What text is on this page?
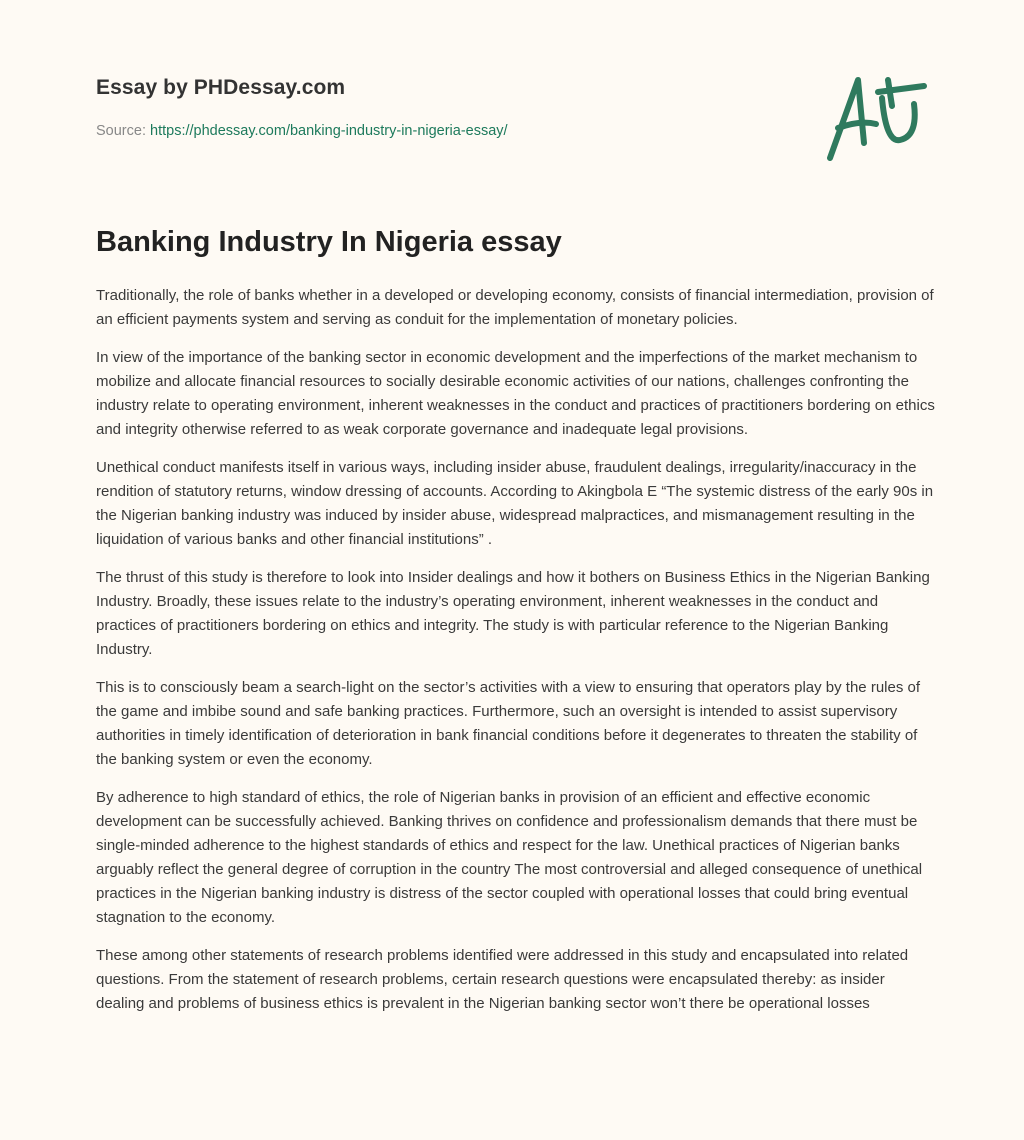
Essay by PHDessay.com

Source: https://phdessay.com/banking-industry-in-nigeria-essay/
Banking Industry In Nigeria essay

Traditionally, the role of banks whether in a developed or developing economy, consists of financial intermediation, provision of an efficient payments system and serving as conduit for the implementation of monetary policies.

In view of the importance of the banking sector in economic development and the imperfections of the market mechanism to mobilize and allocate financial resources to socially desirable economic activities of our nations, challenges confronting the industry relate to operating environment, inherent weaknesses in the conduct and practices of practitioners bordering on ethics and integrity otherwise referred to as weak corporate governance and inadequate legal provisions.

Unethical conduct manifests itself in various ways, including insider abuse, fraudulent dealings, irregularity/inaccuracy in the rendition of statutory returns, window dressing of accounts. According to Akingbola E “The systemic distress of the early 90s in the Nigerian banking industry was induced by insider abuse, widespread malpractices, and mismanagement resulting in the liquidation of various banks and other financial institutions” .

The thrust of this study is therefore to look into Insider dealings and how it bothers on Business Ethics in the Nigerian Banking Industry. Broadly, these issues relate to the industry’s operating environment, inherent weaknesses in the conduct and practices of practitioners bordering on ethics and integrity. The study is with particular reference to the Nigerian Banking Industry.

This is to consciously beam a search-light on the sector’s activities with a view to ensuring that operators play by the rules of the game and imbibe sound and safe banking practices. Furthermore, such an oversight is intended to assist supervisory authorities in timely identification of deterioration in bank financial conditions before it degenerates to threaten the stability of the banking system or even the economy.

By adherence to high standard of ethics, the role of Nigerian banks in provision of an efficient and effective economic development can be successfully achieved. Banking thrives on confidence and professionalism demands that there must be single-minded adherence to the highest standards of ethics and respect for the law. Unethical practices of Nigerian banks arguably reflect the general degree of corruption in the country The most controversial and alleged consequence of unethical practices in the Nigerian banking industry is distress of the sector coupled with operational losses that could bring eventual stagnation to the economy.

These among other statements of research problems identified were addressed in this study and encapsulated into related questions. From the statement of research problems, certain research questions were encapsulated thereby: as insider dealing and problems of business ethics is prevalent in the Nigerian banking sector won’t there be operational losses
